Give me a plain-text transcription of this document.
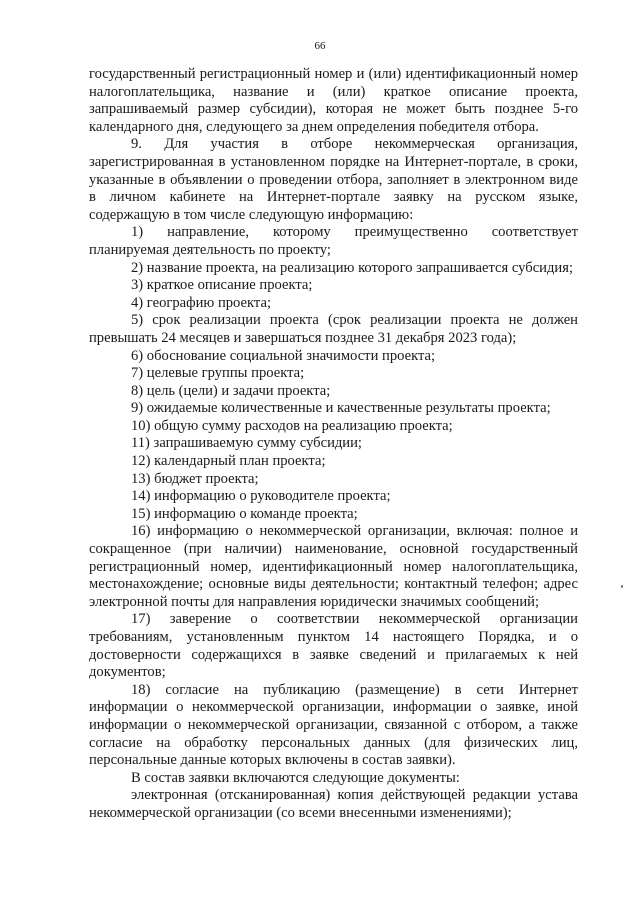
66

государственный регистрационный номер и (или) идентификационный номер налогоплательщика, название и (или) краткое описание проекта, запрашиваемый размер субсидии), которая не может быть позднее 5-го календарного дня, следующего за днем определения победителя отбора.

9. Для участия в отборе некоммерческая организация, зарегистрированная в установленном порядке на Интернет-портале, в сроки, указанные в объявлении о проведении отбора, заполняет в электронном виде в личном кабинете на Интернет-портале заявку на русском языке, содержащую в том числе следующую информацию:

1) направление, которому преимущественно соответствует планируемая деятельность по проекту;

2) название проекта, на реализацию которого запрашивается субсидия;

3) краткое описание проекта;

4) географию проекта;

5) срок реализации проекта (срок реализации проекта не должен превышать 24 месяцев и завершаться позднее 31 декабря 2023 года);

6) обоснование социальной значимости проекта;

7) целевые группы проекта;

8) цель (цели) и задачи проекта;

9) ожидаемые количественные и качественные результаты проекта;

10) общую сумму расходов на реализацию проекта;

11) запрашиваемую сумму субсидии;

12) календарный план проекта;

13) бюджет проекта;

14) информацию о руководителе проекта;

15) информацию о команде проекта;

16) информацию о некоммерческой организации, включая: полное и сокращенное (при наличии) наименование, основной государственный регистрационный номер, идентификационный номер налогоплательщика, местонахождение; основные виды деятельности; контактный телефон; адрес электронной почты для направления юридически значимых сообщений;

17) заверение о соответствии некоммерческой организации требованиям, установленным пунктом 14 настоящего Порядка, и о достоверности содержащихся в заявке сведений и прилагаемых к ней документов;

18) согласие на публикацию (размещение) в сети Интернет информации о некоммерческой организации, информации о заявке, иной информации о некоммерческой организации, связанной с отбором, а также согласие на обработку персональных данных (для физических лиц, персональные данные которых включены в состав заявки).

В состав заявки включаются следующие документы:

электронная (отсканированная) копия действующей редакции устава некоммерческой организации (со всеми внесенными изменениями);
